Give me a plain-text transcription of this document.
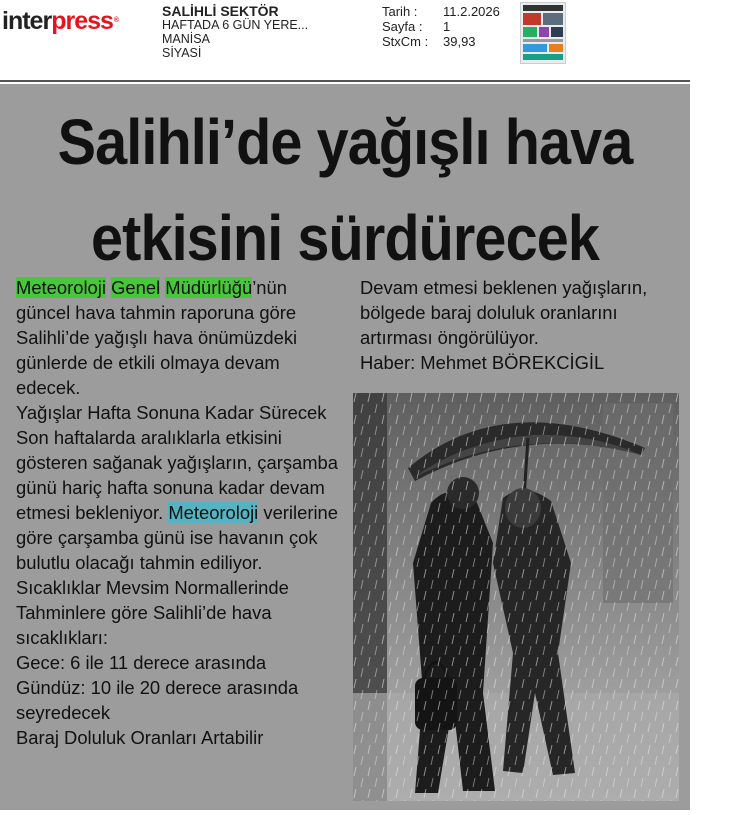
interpress®
SALİHLİ SEKTÖR
HAFTADA 6 GÜN YERE...
MANİSA
SİYASİ
Tarih :	11.2.2026
Sayfa :	1
StxCm :	39,93
Salihli’de yağışlı hava
etkisini sürdürecek
Meteoroloji Genel Müdürlüğü’nün güncel hava tahmin raporuna göre Salihli’de yağışlı hava önümüzdeki günlerde de etkili olmaya devam edecek.
Yağışlar Hafta Sonuna Kadar Sürecek
Son haftalarda aralıklarla etkisini gösteren sağanak yağışların, çarşamba günü hariç hafta sonuna kadar devam etmesi bekleniyor. Meteoroloji verilerine göre çarşamba günü ise havanın çok bulutlu olacağı tahmin ediliyor.
Sıcaklıklar Mevsim Normallerinde
Tahminlere göre Salihli’de hava sıcaklıkları:
Gece: 6 ile 11 derece arasında
Gündüz: 10 ile 20 derece arasında seyredecek
Baraj Doluluk Oranları Artabilir
Devam etmesi beklenen yağışların, bölgede baraj doluluk oranlarını artırması öngörülüyor.
Haber: Mehmet BÖREKCİGİL
